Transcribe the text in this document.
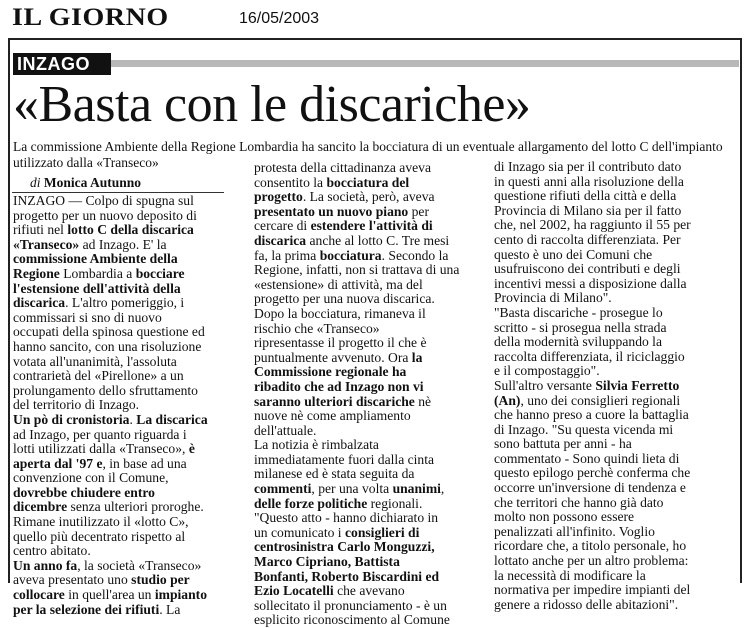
IL GIORNO	16/05/2003
INZAGO
«Basta con le discariche»
La commissione Ambiente della Regione Lombardia ha sancito la bocciatura di un eventuale allargamento del lotto C dell'impianto
utilizzato dalla «Transeco»
di Monica Autunno
INZAGO — Colpo di spugna sul
progetto per un nuovo deposito di
rifiuti nel lotto C della discarica
«Transeco» ad Inzago. E' la
commissione Ambiente della
Regione Lombardia a bocciare
l'estensione dell'attività della
discarica. L'altro pomeriggio, i
commissari si sno di nuovo
occupati della spinosa questione ed
hanno sancito, con una risoluzione
votata all'unanimità, l'assoluta
contrarietà del «Pirellone» a un
prolungamento dello sfruttamento
del territorio di Inzago.
Un pò di cronistoria. La discarica
ad Inzago, per quanto riguarda i
lotti utilizzati dalla «Transeco», è
aperta dal '97 e, in base ad una
convenzione con il Comune,
dovrebbe chiudere entro
dicembre senza ulteriori proroghe.
Rimane inutilizzato il «lotto C»,
quello più decentrato rispetto al
centro abitato.
Un anno fa, la società «Transeco»
aveva presentato uno studio per
collocare in quell'area un impianto
per la selezione dei rifiuti. La
protesta della cittadinanza aveva
consentito la bocciatura del
progetto. La società, però, aveva
presentato un nuovo piano per
cercare di estendere l'attività di
discarica anche al lotto C. Tre mesi
fa, la prima bocciatura. Secondo la
Regione, infatti, non si trattava di una
«estensione» di attività, ma del
progetto per una nuova discarica.
Dopo la bocciatura, rimaneva il
rischio che «Transeco»
ripresentasse il progetto il che è
puntualmente avvenuto. Ora la
Commissione regionale ha
ribadito che ad Inzago non vi
saranno ulteriori discariche nè
nuove nè come ampliamento
dell'attuale.
La notizia è rimbalzata
immediatamente fuori dalla cinta
milanese ed è stata seguita da
commenti, per una volta unanimi,
delle forze politiche regionali.
"Questo atto - hanno dichiarato in
un comunicato i consiglieri di
centrosinistra Carlo Monguzzi,
Marco Cipriano, Battista
Bonfanti, Roberto Biscardini ed
Ezio Locatelli che avevano
sollecitato il pronunciamento - è un
esplicito riconoscimento al Comune
di Inzago sia per il contributo dato
in questi anni alla risoluzione della
questione rifiuti della città e della
Provincia di Milano sia per il fatto
che, nel 2002, ha raggiunto il 55 per
cento di raccolta differenziata. Per
questo è uno dei Comuni che
usufruiscono dei contributi e degli
incentivi messi a disposizione dalla
Provincia di Milano".
"Basta discariche - prosegue lo
scritto - si prosegua nella strada
della modernità sviluppando la
raccolta differenziata, il riciclaggio
e il compostaggio".
Sull'altro versante Silvia Ferretto
(An), uno dei consiglieri regionali
che hanno preso a cuore la battaglia
di Inzago. "Su questa vicenda mi
sono battuta per anni - ha
commentato - Sono quindi lieta di
questo epilogo perchè conferma che
occorre un'inversione di tendenza e
che territori che hanno già dato
molto non possono essere
penalizzati all'infinito. Voglio
ricordare che, a titolo personale, ho
lottato anche per un altro problema:
la necessità di modificare la
normativa per impedire impianti del
genere a ridosso delle abitazioni".
